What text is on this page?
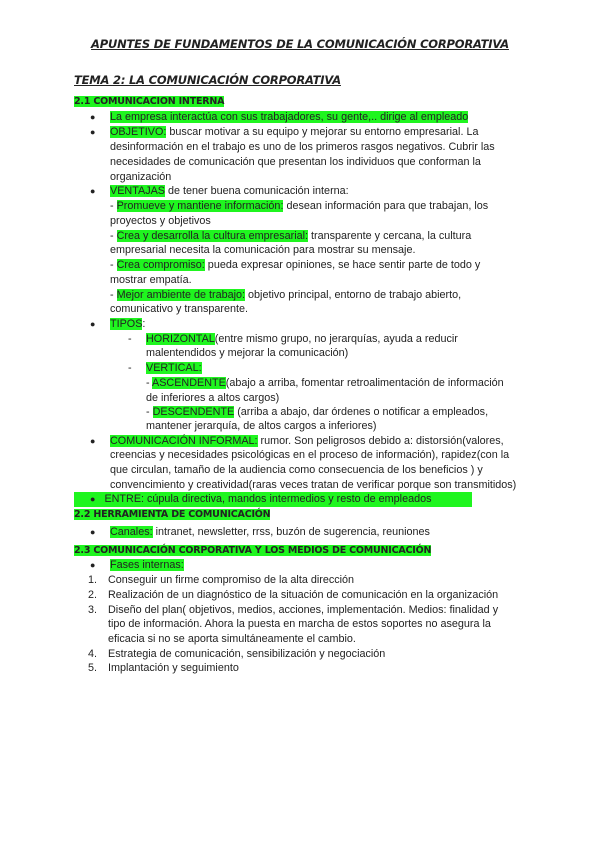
APUNTES DE FUNDAMENTOS DE LA COMUNICACIÓN CORPORATIVA
TEMA 2: LA COMUNICACIÓN CORPORATIVA
2.1 COMUNICACION INTERNA
● La empresa interactúa con sus trabajadores, su gente,.. dirige al empleado

● OBJETIVO: buscar motivar a su equipo y mejorar su entorno empresarial. La

desinformación en el trabajo es uno de los primeros rasgos negativos. Cubrir las

necesidades de comunicación que presentan los individuos que conforman la

organización

● VENTAJAS de tener buena comunicación interna:

- Promueve y mantiene información: desean información para que trabajan, los

proyectos y objetivos

- Crea y desarrolla la cultura empresarial: transparente y cercana, la cultura

empresarial necesita la comunicación para mostrar su mensaje.

- Crea compromiso: pueda expresar opiniones, se hace sentir parte de todo y

mostrar empatía.

- Mejor ambiente de trabajo: objetivo principal, entorno de trabajo abierto,

comunicativo y transparente.

● TIPOS:

- HORIZONTAL(entre mismo grupo, no jerarquías, ayuda a reducir

malentendidos y mejorar la comunicación)

- VERTICAL:

- ASCENDENTE(abajo a arriba, fomentar retroalimentación de información

de inferiores a altos cargos)

- DESCENDENTE (arriba a abajo, dar órdenes o notificar a empleados,

mantener jerarquía, de altos cargos a inferiores)

● COMUNICACIÓN INFORMAL: rumor. Son peligrosos debido a: distorsión(valores,

creencias y necesidades psicológicas en el proceso de información), rapidez(con la

que circulan, tamaño de la audiencia como consecuencia de los beneficios ) y

convencimiento y creatividad(raras veces tratan de verificar porque son transmitidos)

● ENTRE: cúpula directiva, mandos intermedios y resto de empleados

2.2 HERRAMIENTA DE COMUNICACIÓN
● Canales: intranet, newsletter, rrss, buzón de sugerencia, reuniones

2.3 COMUNICACIÓN CORPORATIVA Y LOS MEDIOS DE COMUNICACIÓN
● Fases internas:

1. Conseguir un firme compromiso de la alta dirección

2. Realización de un diagnóstico de la situación de comunicación en la organización

3. Diseño del plan( objetivos, medios, acciones, implementación. Medios: finalidad y

tipo de información. Ahora la puesta en marcha de estos soportes no asegura la

eficacia si no se aporta simultáneamente el cambio.

4. Estrategia de comunicación, sensibilización y negociación

5. Implantación y seguimiento
